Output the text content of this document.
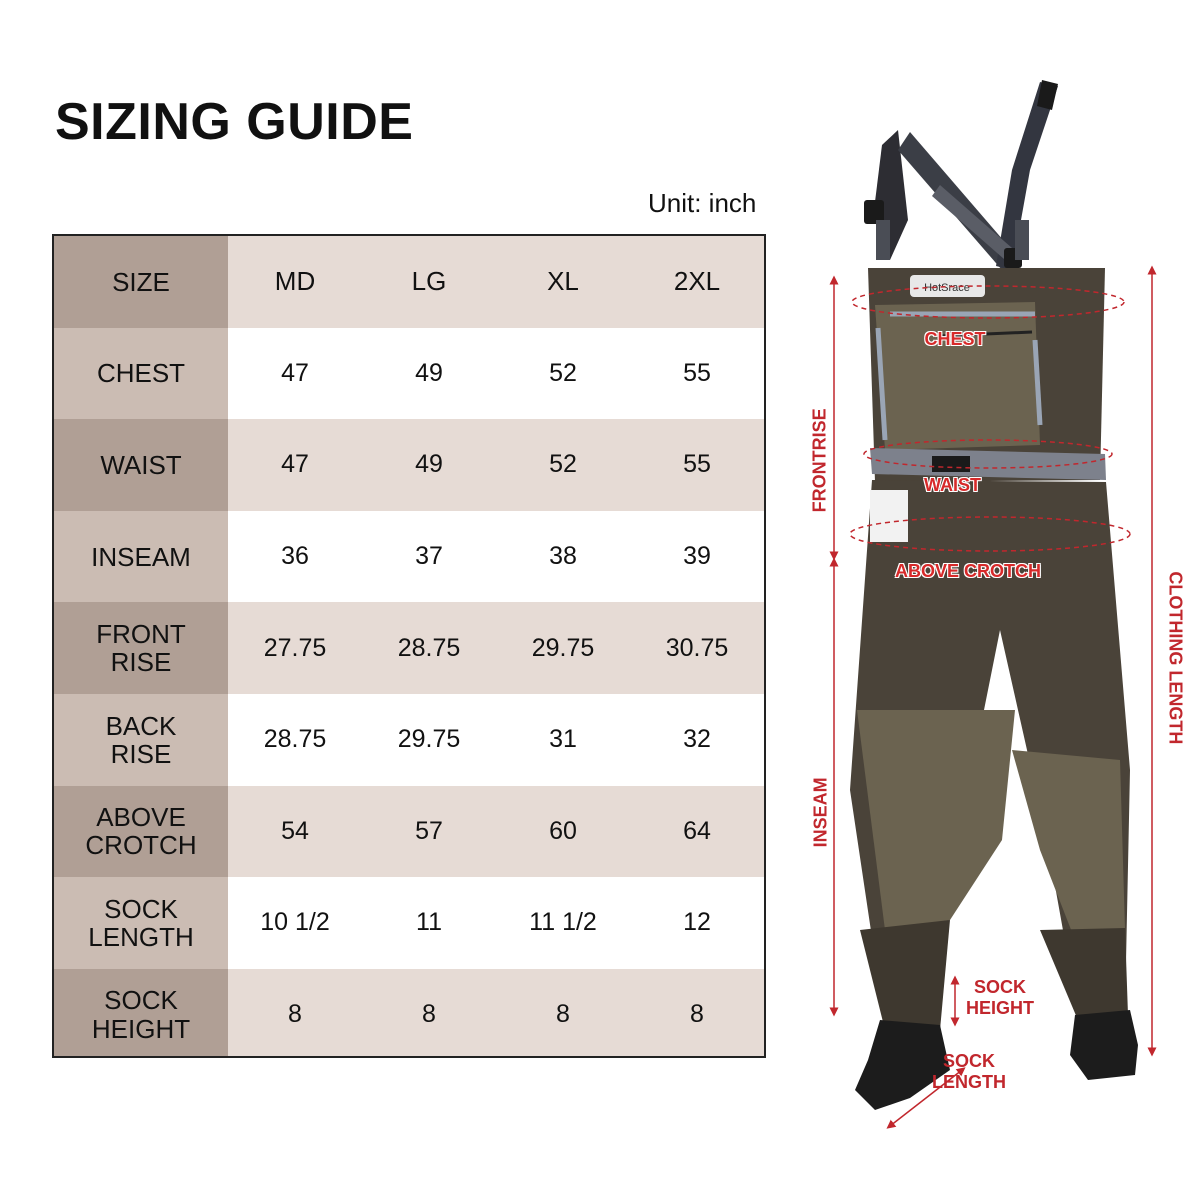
SIZING GUIDE
Unit: inch
SIZE	MD	LG	XL	2XL
CHEST	47	49	52	55
WAIST	47	49	52	55
INSEAM	36	37	38	39
FRONT
RISE	27.75	28.75	29.75	30.75
BACK
RISE	28.75	29.75	31	32
ABOVE
CROTCH	54	57	60	64
SOCK
LENGTH	10 1/2	11	11 1/2	12
SOCK
HEIGHT	8	8	8	8
HotSrace
CHEST
WAIST
ABOVE CROTCH
FRONTRISE
INSEAM
CLOTHING LENGTH
SOCK
HEIGHT
SOCK
LENGTH
